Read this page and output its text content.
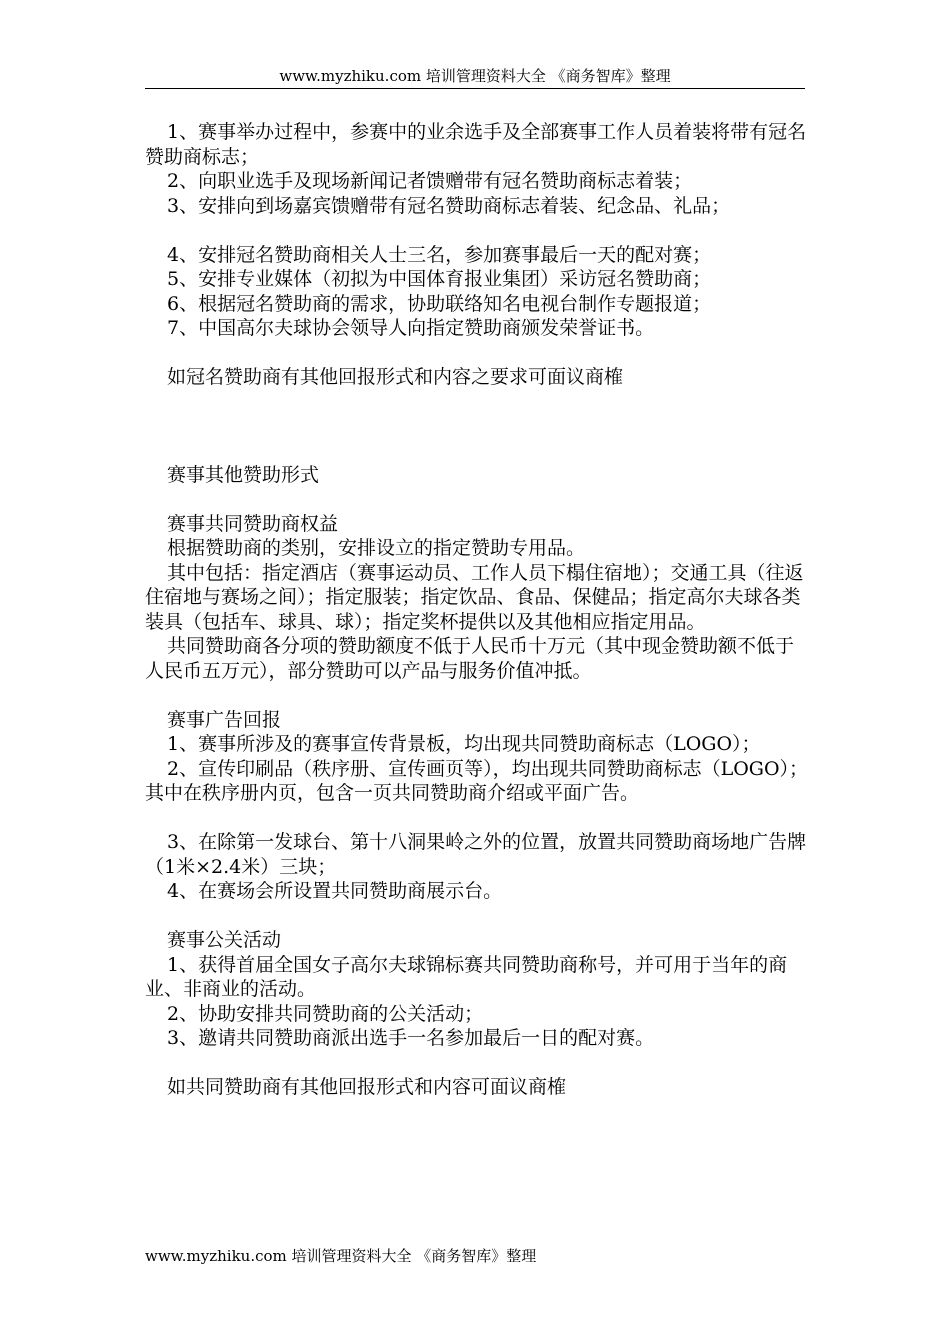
www.myzhiku.com 培训管理资料大全 《商务智库》整理

1、赛事举办过程中，参赛中的业余选手及全部赛事工作人员着装将带有冠名赞助商标志；

2、向职业选手及现场新闻记者馈赠带有冠名赞助商标志着装；

3、安排向到场嘉宾馈赠带有冠名赞助商标志着装、纪念品、礼品；

4、安排冠名赞助商相关人士三名，参加赛事最后一天的配对赛；

5、安排专业媒体（初拟为中国体育报业集团）采访冠名赞助商；

6、根据冠名赞助商的需求，协助联络知名电视台制作专题报道；

7、中国高尔夫球协会领导人向指定赞助商颁发荣誉证书。

如冠名赞助商有其他回报形式和内容之要求可面议商榷

赛事其他赞助形式

赛事共同赞助商权益

根据赞助商的类别，安排设立的指定赞助专用品。

其中包括：指定酒店（赛事运动员、工作人员下榻住宿地）；交通工具（往返住宿地与赛场之间）；指定服装；指定饮品、食品、保健品；指定高尔夫球各类装具（包括车、球具、球）；指定奖杯提供以及其他相应指定用品。

共同赞助商各分项的赞助额度不低于人民币十万元（其中现金赞助额不低于人民币五万元），部分赞助可以产品与服务价值冲抵。

赛事广告回报

1、赛事所涉及的赛事宣传背景板，均出现共同赞助商标志（LOGO）；

2、宣传印刷品（秩序册、宣传画页等），均出现共同赞助商标志（LOGO）；其中在秩序册内页，包含一页共同赞助商介绍或平面广告。

3、在除第一发球台、第十八洞果岭之外的位置，放置共同赞助商场地广告牌（1米×2.4米）三块；

4、在赛场会所设置共同赞助商展示台。

赛事公关活动

1、获得首届全国女子高尔夫球锦标赛共同赞助商称号，并可用于当年的商业、非商业的活动。

2、协助安排共同赞助商的公关活动；

3、邀请共同赞助商派出选手一名参加最后一日的配对赛。

如共同赞助商有其他回报形式和内容可面议商榷

www.myzhiku.com 培训管理资料大全 《商务智库》整理
